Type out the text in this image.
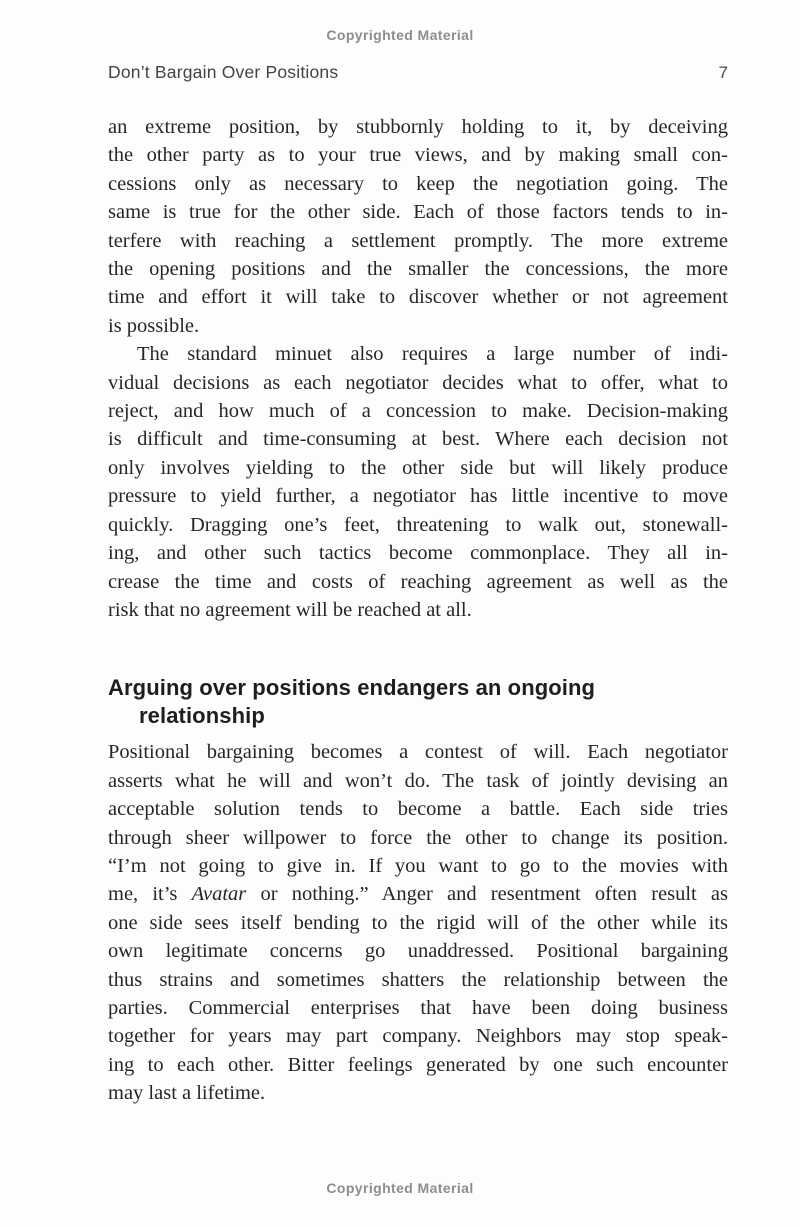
Copyrighted Material
Don’t Bargain Over Positions	7
an extreme position, by stubbornly holding to it, by deceiving
the other party as to your true views, and by making small con-
cessions only as necessary to keep the negotiation going. The
same is true for the other side. Each of those factors tends to in-
terfere with reaching a settlement promptly. The more extreme
the opening positions and the smaller the concessions, the more
time and effort it will take to discover whether or not agreement
is possible.
The standard minuet also requires a large number of indi-
vidual decisions as each negotiator decides what to offer, what to
reject, and how much of a concession to make. Decision-making
is difficult and time-consuming at best. Where each decision not
only involves yielding to the other side but will likely produce
pressure to yield further, a negotiator has little incentive to move
quickly. Dragging one’s feet, threatening to walk out, stonewall-
ing, and other such tactics become commonplace. They all in-
crease the time and costs of reaching agreement as well as the
risk that no agreement will be reached at all.
Arguing over positions endangers an ongoing
relationship
Positional bargaining becomes a contest of will. Each negotiator
asserts what he will and won’t do. The task of jointly devising an
acceptable solution tends to become a battle. Each side tries
through sheer willpower to force the other to change its position.
“I’m not going to give in. If you want to go to the movies with
me, it’s Avatar or nothing.” Anger and resentment often result as
one side sees itself bending to the rigid will of the other while its
own legitimate concerns go unaddressed. Positional bargaining
thus strains and sometimes shatters the relationship between the
parties. Commercial enterprises that have been doing business
together for years may part company. Neighbors may stop speak-
ing to each other. Bitter feelings generated by one such encounter
may last a lifetime.
Copyrighted Material
